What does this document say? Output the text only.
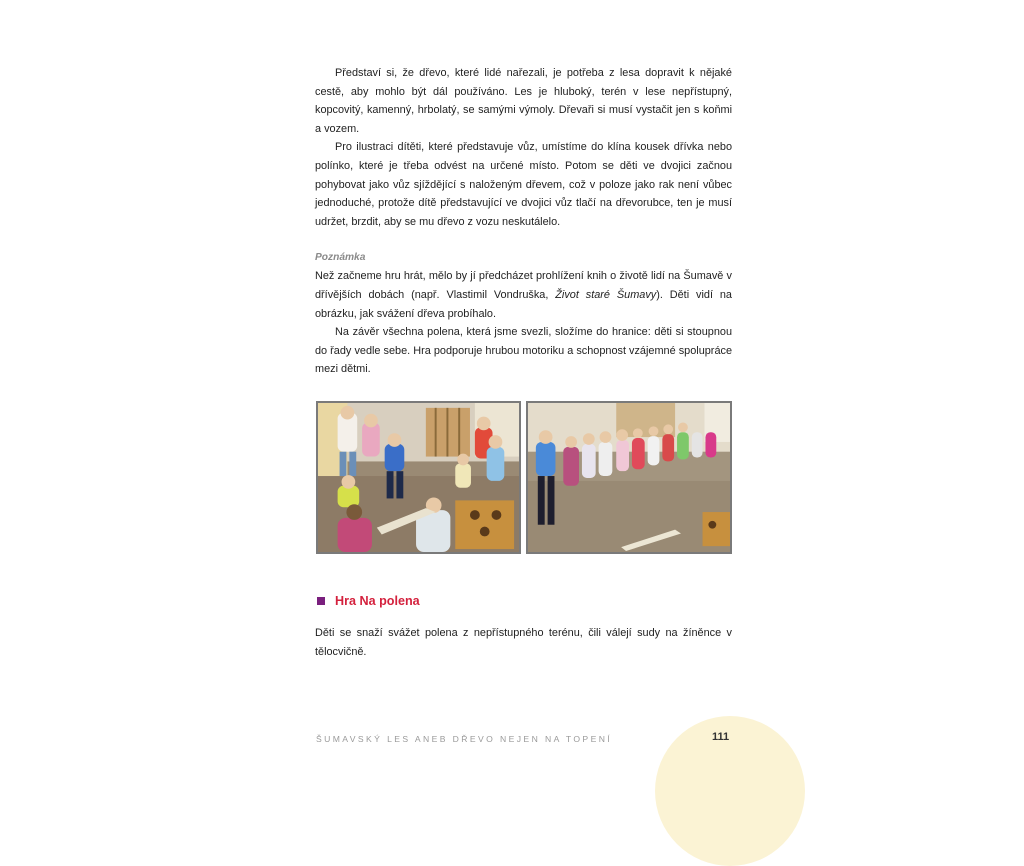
Představí si, že dřevo, které lidé nařezali, je potřeba z lesa dopravit k nějaké cestě, aby mohlo být dál používáno. Les je hluboký, terén v lese nepřístupný, kopcovitý, kamenný, hrbolatý, se samými výmoly. Dřevaři si musí vystačit jen s koňmi a vozem.

Pro ilustraci dítěti, které představuje vůz, umístíme do klína kousek dřívka nebo polínko, které je třeba odvést na určené místo. Potom se děti ve dvojici začnou pohybovat jako vůz sjíždějící s naloženým dřevem, což v poloze jako rak není vůbec jednoduché, protože dítě představující ve dvojici vůz tlačí na dřevorubce, ten je musí udržet, brzdit, aby se mu dřevo z vozu neskutálelo.

Poznámka

Než začneme hru hrát, mělo by jí předcházet prohlížení knih o životě lidí na Šumavě v dřívějších dobách (např. Vlastimil Vondruška, Život staré Šumavy). Děti vidí na obrázku, jak svážení dřeva probíhalo.

Na závěr všechna polena, která jsme svezli, složíme do hranice: děti si stoupnou do řady vedle sebe. Hra podporuje hrubou motoriku a schopnost vzájemné spolupráce mezi dětmi.

Hra Na polena

Děti se snaží svážet polena z nepřístupného terénu, čili válejí sudy na žíněnce v tělocvičně.

ŠUMAVSKÝ LES ANEB DŘEVO NEJEN NA TOPENÍ	111
